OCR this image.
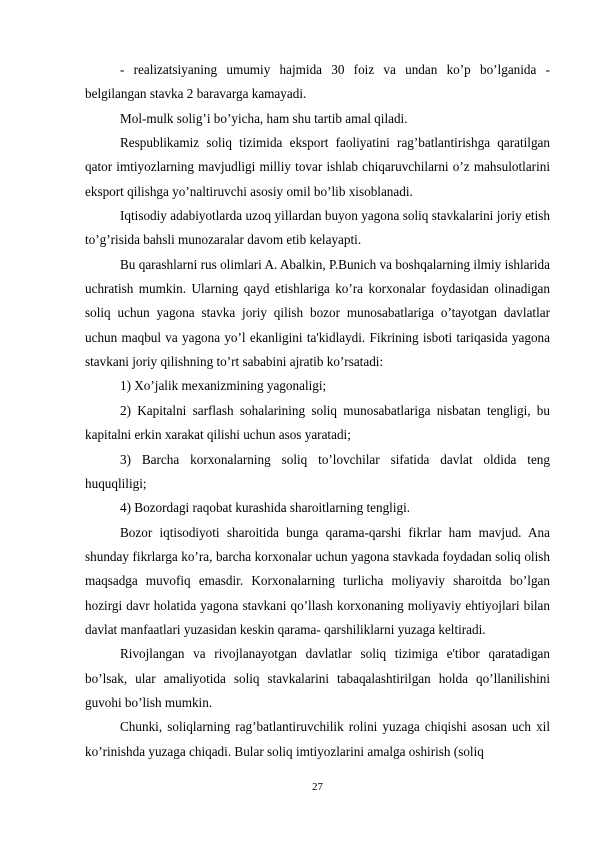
- realizatsiyaning umumiy hajmida 30 foiz va undan ko’p bo’lganida - belgilangan stavka 2 baravarga kamayadi.

Mol-mulk solig’i bo’yicha, ham shu tartib amal qiladi.

Respublikamiz soliq tizimida eksport faoliyatini rag’batlantirishga qaratilgan qator imtiyozlarning mavjudligi milliy tovar ishlab chiqaruvchilarni o’z mahsulotlarini eksport qilishga yo’naltiruvchi asosiy omil bo’lib xisoblanadi.

Iqtisodiy adabiyotlarda uzoq yillardan buyon yagona soliq stavkalarini joriy etish to’g’risida bahsli munozaralar davom etib kelayapti.

Bu qarashlarni rus olimlari A. Abalkin, P.Bunich va boshqalarning ilmiy ishlarida uchratish mumkin. Ularning qayd etishlariga ko’ra korxonalar foydasidan olinadigan soliq uchun yagona stavka joriy qilish bozor munosabatlariga o’tayotgan davlatlar uchun maqbul va yagona yo’l ekanligini ta'kidlaydi. Fikrining isboti tariqasida yagona stavkani joriy qilishning to’rt sababini ajratib ko’rsatadi:

1) Xo’jalik mexanizmining yagonaligi;

2) Kapitalni sarflash sohalarining soliq munosabatlariga nisbatan tengligi, bu kapitalni erkin xarakat qilishi uchun asos yaratadi;

3) Barcha korxonalarning soliq to’lovchilar sifatida davlat oldida teng huquqliligi;

4) Bozordagi raqobat kurashida sharoitlarning tengligi.

Bozor iqtisodiyoti sharoitida bunga qarama-qarshi fikrlar ham mavjud. Ana shunday fikrlarga ko’ra, barcha korxonalar uchun yagona stavkada foydadan soliq olish maqsadga muvofiq emasdir. Korxonalarning turlicha moliyaviy sharoitda bo’lgan hozirgi davr holatida yagona stavkani qo’llash korxonaning moliyaviy ehtiyojlari bilan davlat manfaatlari yuzasidan keskin qarama- qarshiliklarni yuzaga keltiradi.

Rivojlangan va rivojlanayotgan davlatlar soliq tizimiga e'tibor qaratadigan bo’lsak, ular amaliyotida soliq stavkalarini tabaqalashtirilgan holda qo’llanilishini guvohi bo’lish mumkin.

Chunki, soliqlarning rag’batlantiruvchilik rolini yuzaga chiqishi asosan uch xil ko’rinishda yuzaga chiqadi. Bular soliq imtiyozlarini amalga oshirish (soliq

27
